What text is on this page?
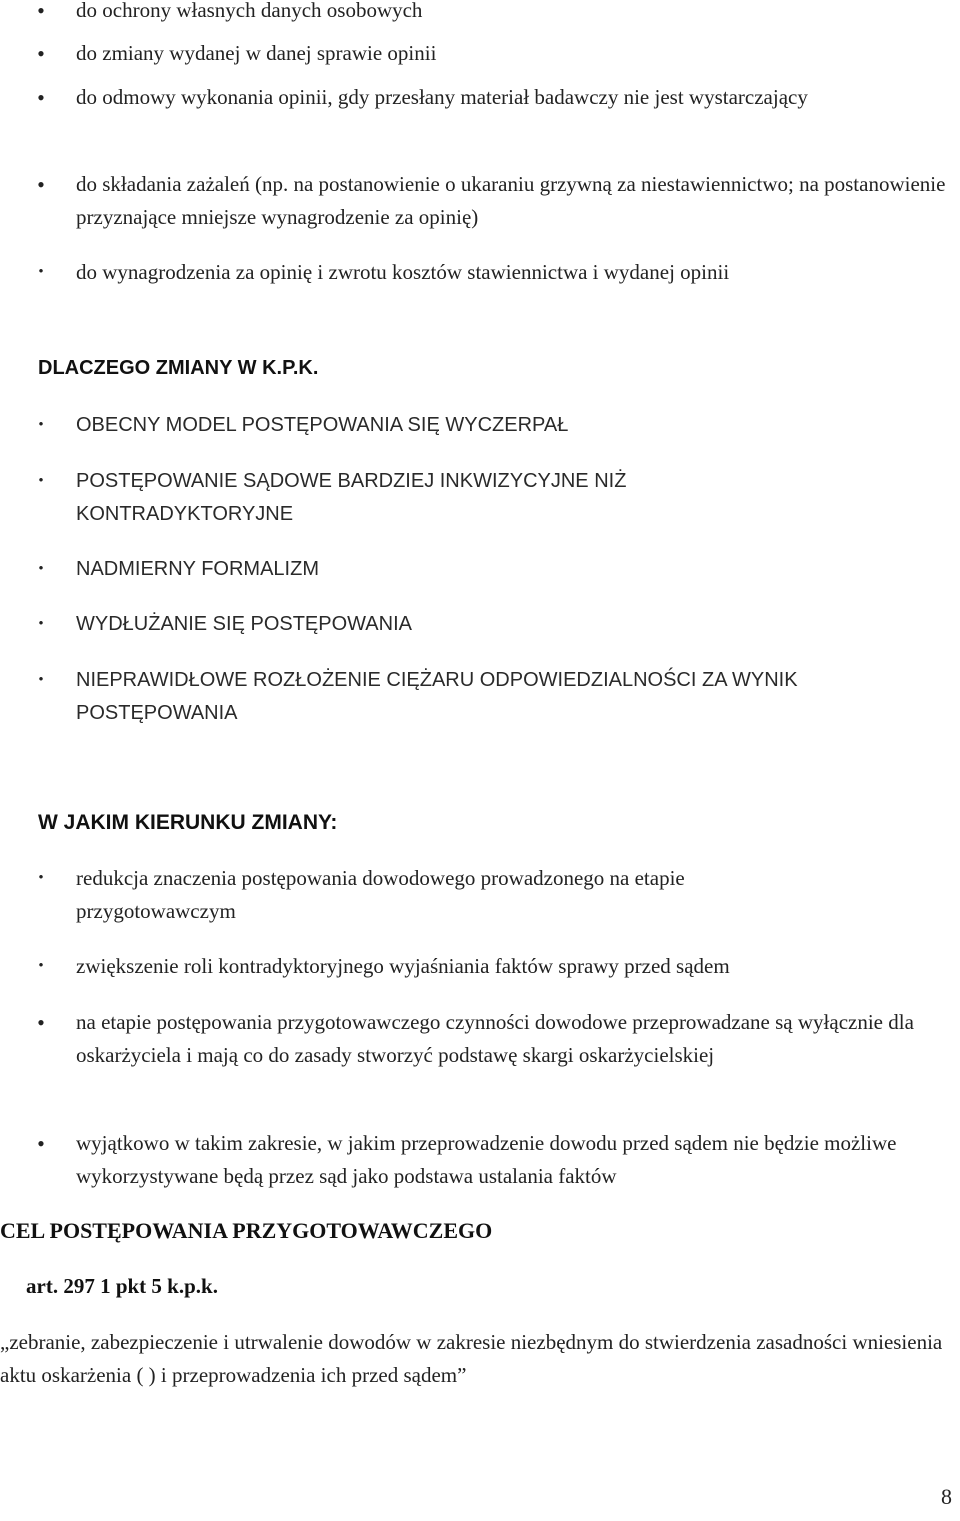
• do ochrony własnych danych osobowych
• do zmiany wydanej w danej sprawie opinii
• do odmowy wykonania opinii, gdy przesłany materiał badawczy nie jest wystarczający
• do składania zażaleń (np. na postanowienie o ukaraniu grzywną za niestawiennictwo; na postanowienie przyznające mniejsze wynagrodzenie za opinię)
• do wynagrodzenia za opinię i zwrotu kosztów stawiennictwa i wydanej opinii
DLACZEGO ZMIANY W K.P.K.
• OBECNY MODEL POSTĘPOWANIA SIĘ WYCZERPAŁ
• POSTĘPOWANIE SĄDOWE BARDZIEJ INKWIZYCYJNE NIŻ KONTRADYKTORYJNE
• NADMIERNY FORMALIZM
• WYDŁUŻANIE SIĘ POSTĘPOWANIA
• NIEPRAWIDŁOWE ROZŁOŻENIE CIĘŻARU ODPOWIEDZIALNOŚCI ZA WYNIK POSTĘPOWANIA
W JAKIM KIERUNKU ZMIANY:
• redukcja znaczenia postępowania dowodowego prowadzonego na etapie przygotowawczym
• zwiększenie roli kontradyktoryjnego wyjaśniania faktów sprawy przed sądem
• na etapie postępowania przygotowawczego czynności dowodowe przeprowadzane są wyłącznie dla oskarżyciela i mają co do zasady stworzyć podstawę skargi oskarżycielskiej
• wyjątkowo w takim zakresie, w jakim przeprowadzenie dowodu przed sądem nie będzie możliwe wykorzystywane będą przez sąd jako podstawa ustalania faktów
CEL POSTĘPOWANIA PRZYGOTOWAWCZEGO
art. 297 1 pkt 5 k.p.k.
„zebranie, zabezpieczenie i utrwalenie dowodów w zakresie niezbędnym do stwierdzenia zasadności wniesienia aktu oskarżenia ( ) i przeprowadzenia ich przed sądem”
8
